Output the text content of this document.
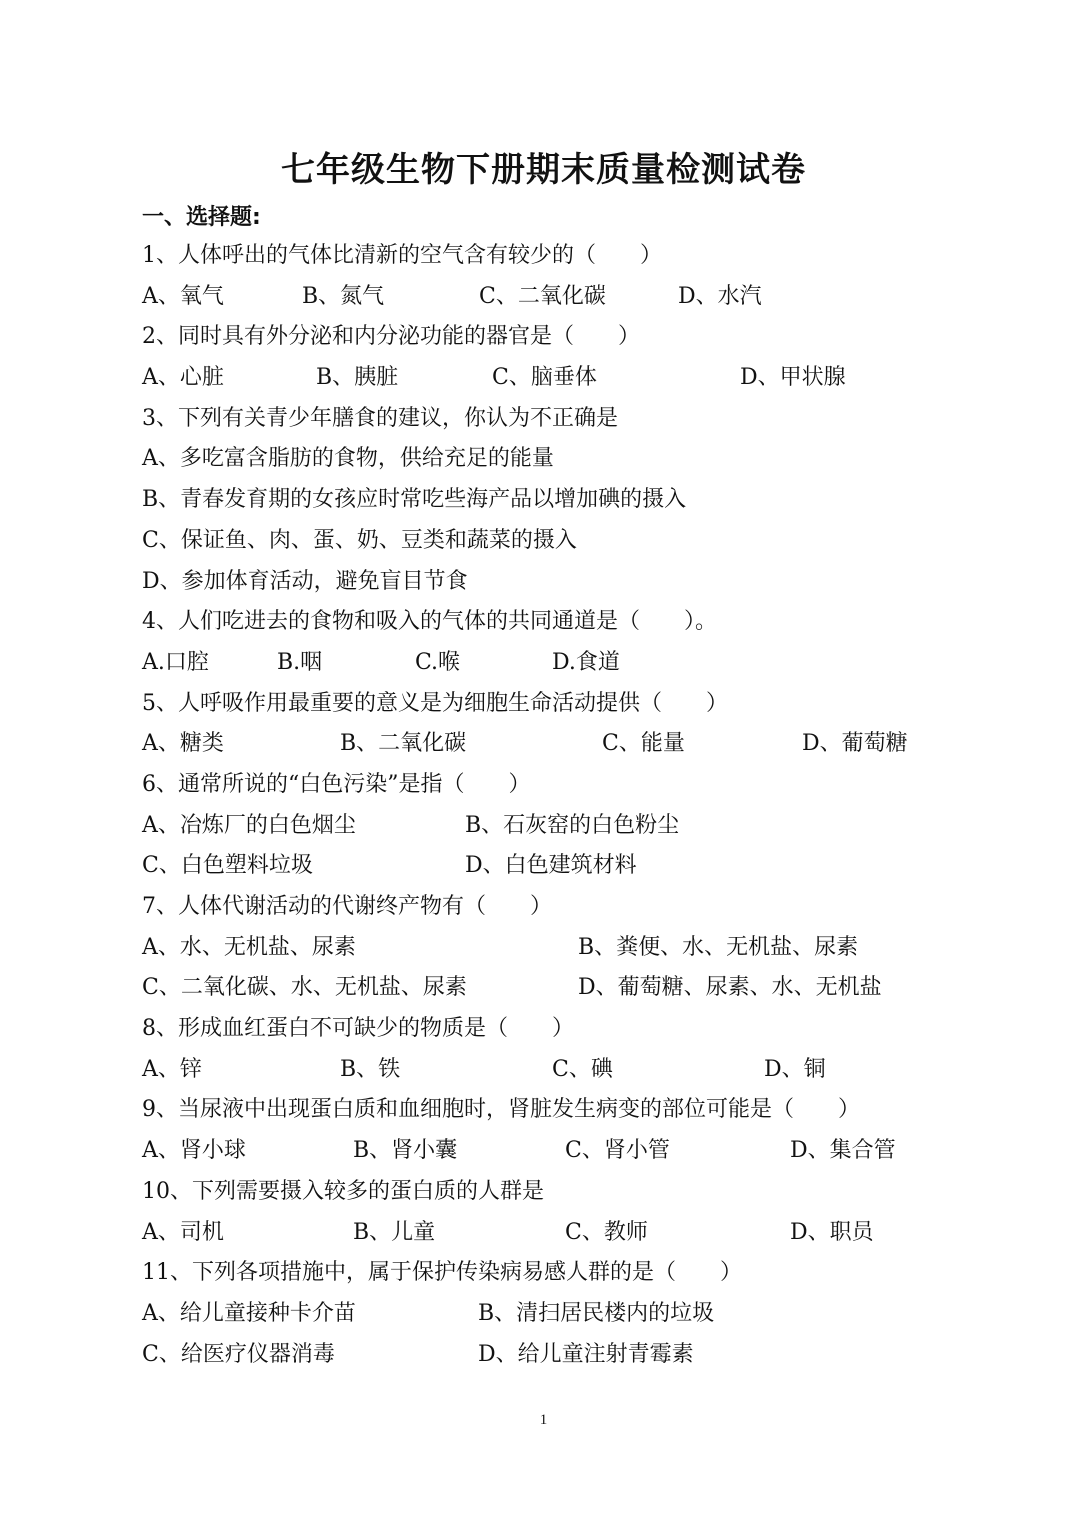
七年级生物下册期末质量检测试卷
一、选择题:
1、人体呼出的气体比清新的空气含有较少的（　　）
A、氧气	B、氮气	C、二氧化碳	D、水汽
2、同时具有外分泌和内分泌功能的器官是（　　）
A、心脏	B、胰脏	C、脑垂体	D、甲状腺
3、下列有关青少年膳食的建议，你认为不正确是
A、多吃富含脂肪的食物，供给充足的能量
B、青春发育期的女孩应时常吃些海产品以增加碘的摄入
C、保证鱼、肉、蛋、奶、豆类和蔬菜的摄入
D、参加体育活动，避免盲目节食
4、人们吃进去的食物和吸入的气体的共同通道是（　　）。
A.口腔	B.咽	C.喉	D.食道
5、人呼吸作用最重要的意义是为细胞生命活动提供（　　）
A、糖类	B、二氧化碳	C、能量	D、葡萄糖
6、通常所说的“白色污染”是指（　　）
A、冶炼厂的白色烟尘	B、石灰窑的白色粉尘
C、白色塑料垃圾	D、白色建筑材料
7、人体代谢活动的代谢终产物有（　　）
A、水、无机盐、尿素	B、粪便、水、无机盐、尿素
C、二氧化碳、水、无机盐、尿素	D、葡萄糖、尿素、水、无机盐
8、形成血红蛋白不可缺少的物质是（　　）
A、锌	B、铁	C、碘	D、铜
9、当尿液中出现蛋白质和血细胞时，肾脏发生病变的部位可能是（　　）
A、肾小球	B、肾小囊	C、肾小管	D、集合管
10、下列需要摄入较多的蛋白质的人群是
A、司机	B、儿童	C、教师	D、职员
11、下列各项措施中，属于保护传染病易感人群的是（　　）
A、给儿童接种卡介苗	B、清扫居民楼内的垃圾
C、给医疗仪器消毒	D、给儿童注射青霉素
1
